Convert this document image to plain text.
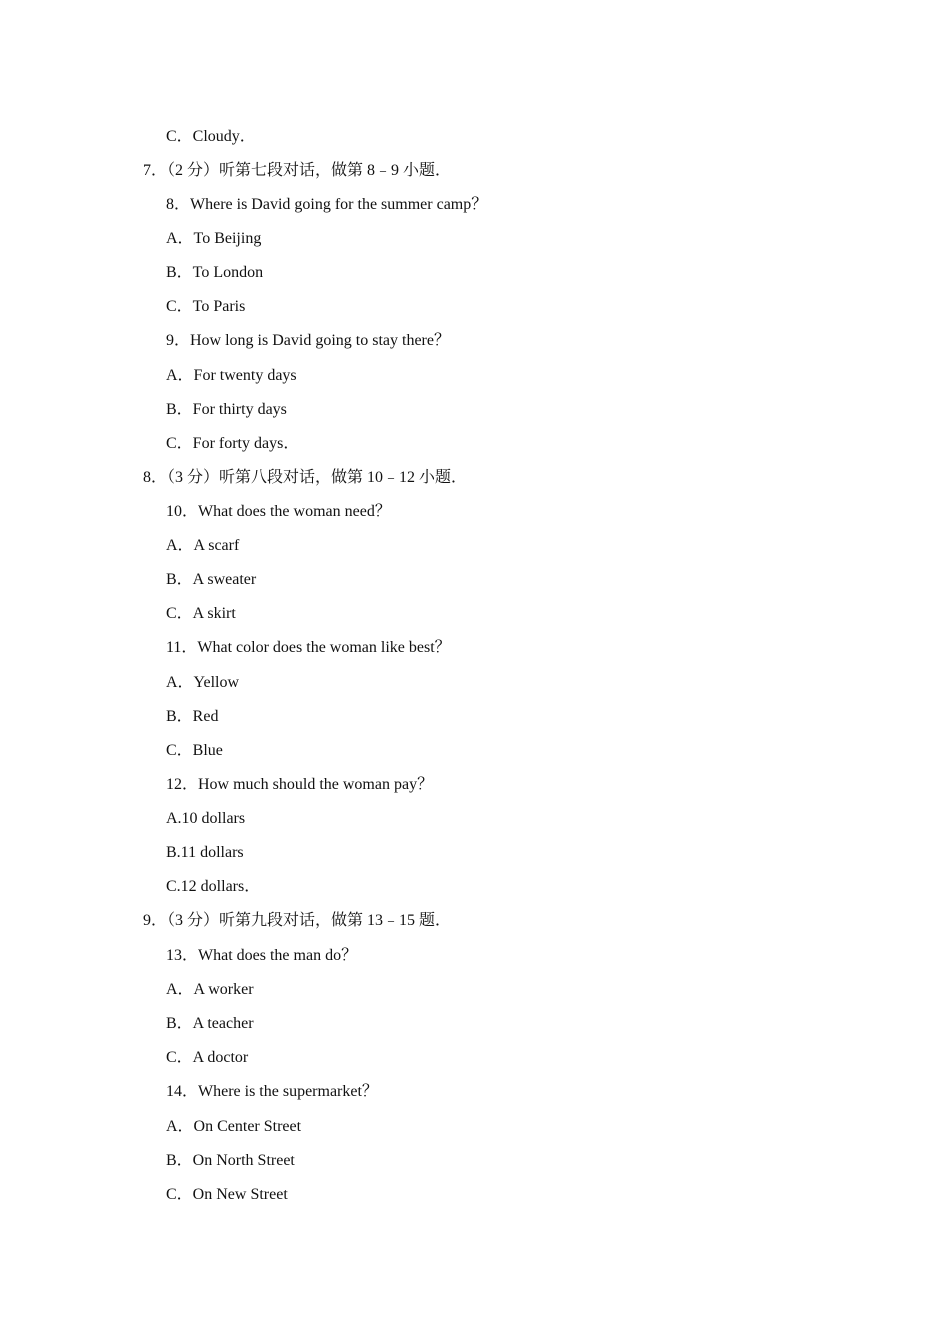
C．Cloudy．
7．（2 分）听第七段对话，做第 8﹣9 小题．
8．Where is David going for the summer camp？
A．To Beijing
B．To London
C．To Paris
9．How long is David going to stay there？
A．For twenty days
B．For thirty days
C．For forty days．
8．（3 分）听第八段对话，做第 10﹣12 小题．
10．What does the woman need？
A．A scarf
B．A sweater
C．A skirt
11．What color does the woman like best？
A．Yellow
B．Red
C．Blue
12．How much should the woman pay？
A.10 dollars
B.11 dollars
C.12 dollars．
9．（3 分）听第九段对话，做第 13﹣15 题．
13．What does the man do？
A．A worker
B．A teacher
C．A doctor
14．Where is the supermarket？
A．On Center Street
B．On North Street
C．On New Street
